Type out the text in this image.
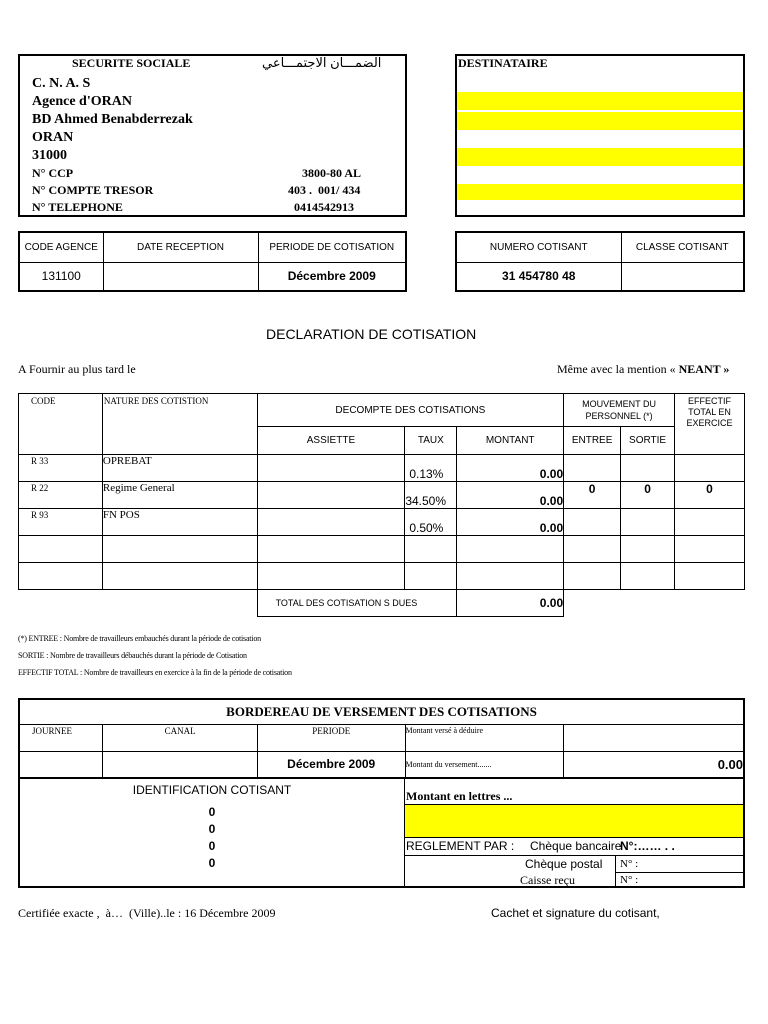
SECURITE SOCIALE	الضمـــان الاجتمـــاعي
C. N. A. S
Agence d'ORAN
BD Ahmed Benabderrezak
ORAN
31000
N° CCP	3800-80 AL
N° COMPTE TRESOR	403 .  001/ 434
N° TELEPHONE	0414542913
DESTINATAIRE
CODE AGENCE	DATE RECEPTION	PERIODE DE COTISATION
131100		Décembre 2009
NUMERO COTISANT	CLASSE COTISANT
31 454780 48	
DECLARATION DE COTISATION
A Fournir au plus tard le	Même avec la mention « NEANT »
CODE	NATURE DES COTISTION	DECOMPTE DES COTISATIONS			MOUVEMENT DU PERSONNEL (*)		EFFECTIF TOTAL EN EXERCICE
		ASSIETTE	TAUX	MONTANT	ENTREE	SORTIE	
R 33	OPREBAT		0.13%	0.00			
R 22	Regime General		34.50%	0.00	0	0	0
R 93	FN POS		0.50%	0.00			

		TOTAL DES COTISATION S DUES		0.00			
(*) ENTREE : Nombre de travailleurs embauchés durant la période de cotisation
SORTIE : Nombre de travailleurs débauchés durant la période de Cotisation
EFFECTIF TOTAL : Nombre de travailleurs en exercice à la fin de la période de cotisation
BORDEREAU DE VERSEMENT DES COTISATIONS				
JOURNEE	CANAL	PERIODE	Montant versé à déduire	
		Décembre 2009	Montant du versement.......	0.00
IDENTIFICATION COTISANT
0
0
0
0
Montant en lettres ...
REGLEMENT PAR : Chèque bancaire
N°:…… . .
Chèque postal N° :
Caisse reçu	N° :
Certifiée exacte ,  à…  (Ville)..le : 16 Décembre 2009	Cachet et signature du cotisant,
